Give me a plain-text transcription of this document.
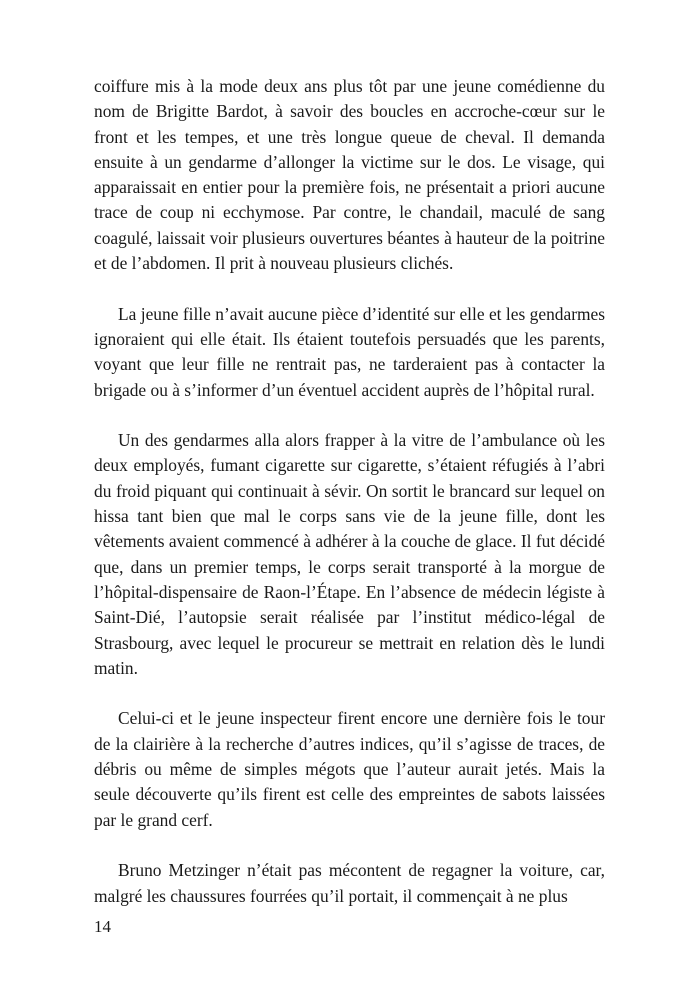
coiffure mis à la mode deux ans plus tôt par une jeune comédienne du nom de Brigitte Bardot, à savoir des boucles en accroche-cœur sur le front et les tempes, et une très longue queue de cheval. Il demanda ensuite à un gendarme d’allonger la victime sur le dos. Le visage, qui apparaissait en entier pour la première fois, ne présentait a priori aucune trace de coup ni ecchymose. Par contre, le chandail, maculé de sang coagulé, laissait voir plusieurs ouvertures béantes à hauteur de la poitrine et de l’abdomen. Il prit à nouveau plusieurs clichés.

La jeune fille n’avait aucune pièce d’identité sur elle et les gendarmes ignoraient qui elle était. Ils étaient toutefois persuadés que les parents, voyant que leur fille ne rentrait pas, ne tarderaient pas à contacter la brigade ou à s’informer d’un éventuel accident auprès de l’hôpital rural.

Un des gendarmes alla alors frapper à la vitre de l’ambulance où les deux employés, fumant cigarette sur cigarette, s’étaient réfugiés à l’abri du froid piquant qui continuait à sévir. On sortit le brancard sur lequel on hissa tant bien que mal le corps sans vie de la jeune fille, dont les vêtements avaient commencé à adhérer à la couche de glace. Il fut décidé que, dans un premier temps, le corps serait transporté à la morgue de l’hôpital-dispensaire de Raon-l’Étape. En l’absence de médecin légiste à Saint-Dié, l’autopsie serait réalisée par l’institut médico-légal de Strasbourg, avec lequel le procureur se mettrait en relation dès le lundi matin.

Celui-ci et le jeune inspecteur firent encore une dernière fois le tour de la clairière à la recherche d’autres indices, qu’il s’agisse de traces, de débris ou même de simples mégots que l’auteur aurait jetés. Mais la seule découverte qu’ils firent est celle des empreintes de sabots laissées par le grand cerf.

Bruno Metzinger n’était pas mécontent de regagner la voiture, car, malgré les chaussures fourrées qu’il portait, il commençait à ne plus

14
